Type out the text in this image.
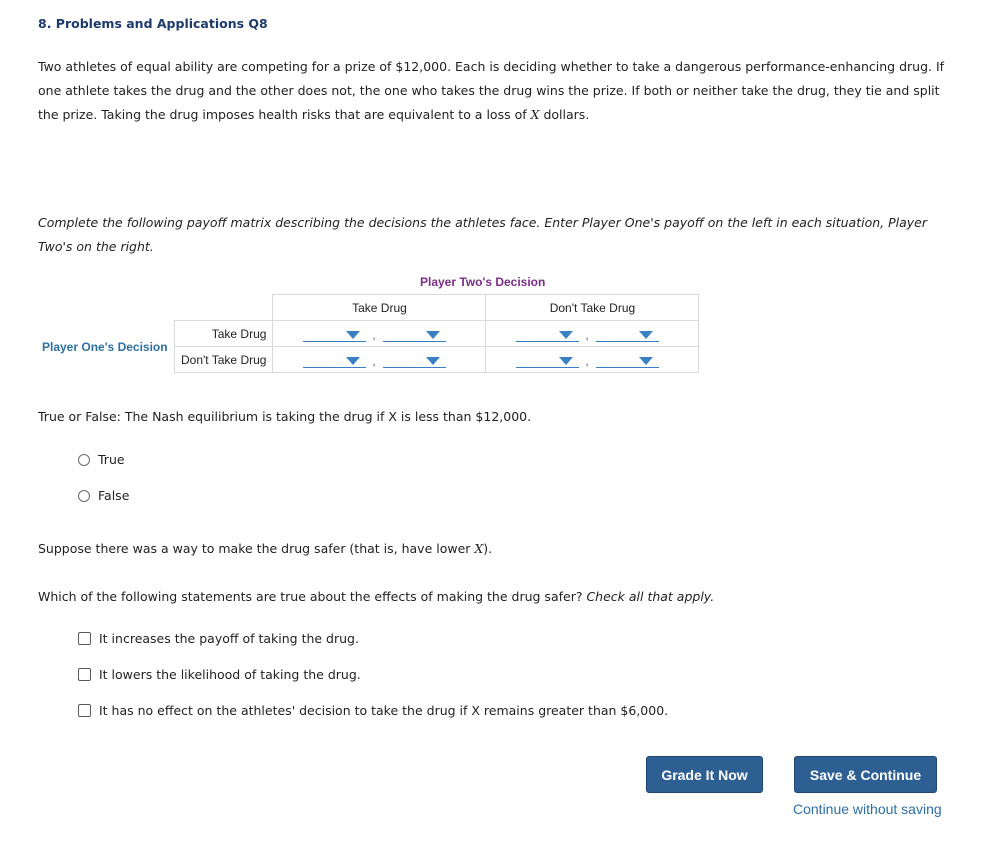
8. Problems and Applications Q8
Two athletes of equal ability are competing for a prize of $12,000. Each is deciding whether to take a dangerous performance-enhancing drug. If one athlete takes the drug and the other does not, the one who takes the drug wins the prize. If both or neither take the drug, they tie and split the prize. Taking the drug imposes health risks that are equivalent to a loss of X dollars.
Complete the following payoff matrix describing the decisions the athletes face. Enter Player One's payoff on the left in each situation, Player Two's on the right.
Player Two's Decision
Player One's Decision
	Take Drug	Don't Take Drug
Take Drug	,	,

Don't Take Drug	,	,
True or False: The Nash equilibrium is taking the drug if X is less than $12,000.
True
False
Suppose there was a way to make the drug safer (that is, have lower X).
Which of the following statements are true about the effects of making the drug safer? Check all that apply.
It increases the payoff of taking the drug.
It lowers the likelihood of taking the drug.
It has no effect on the athletes' decision to take the drug if X remains greater than $6,000.
Grade It Now	Save & Continue
Continue without saving
